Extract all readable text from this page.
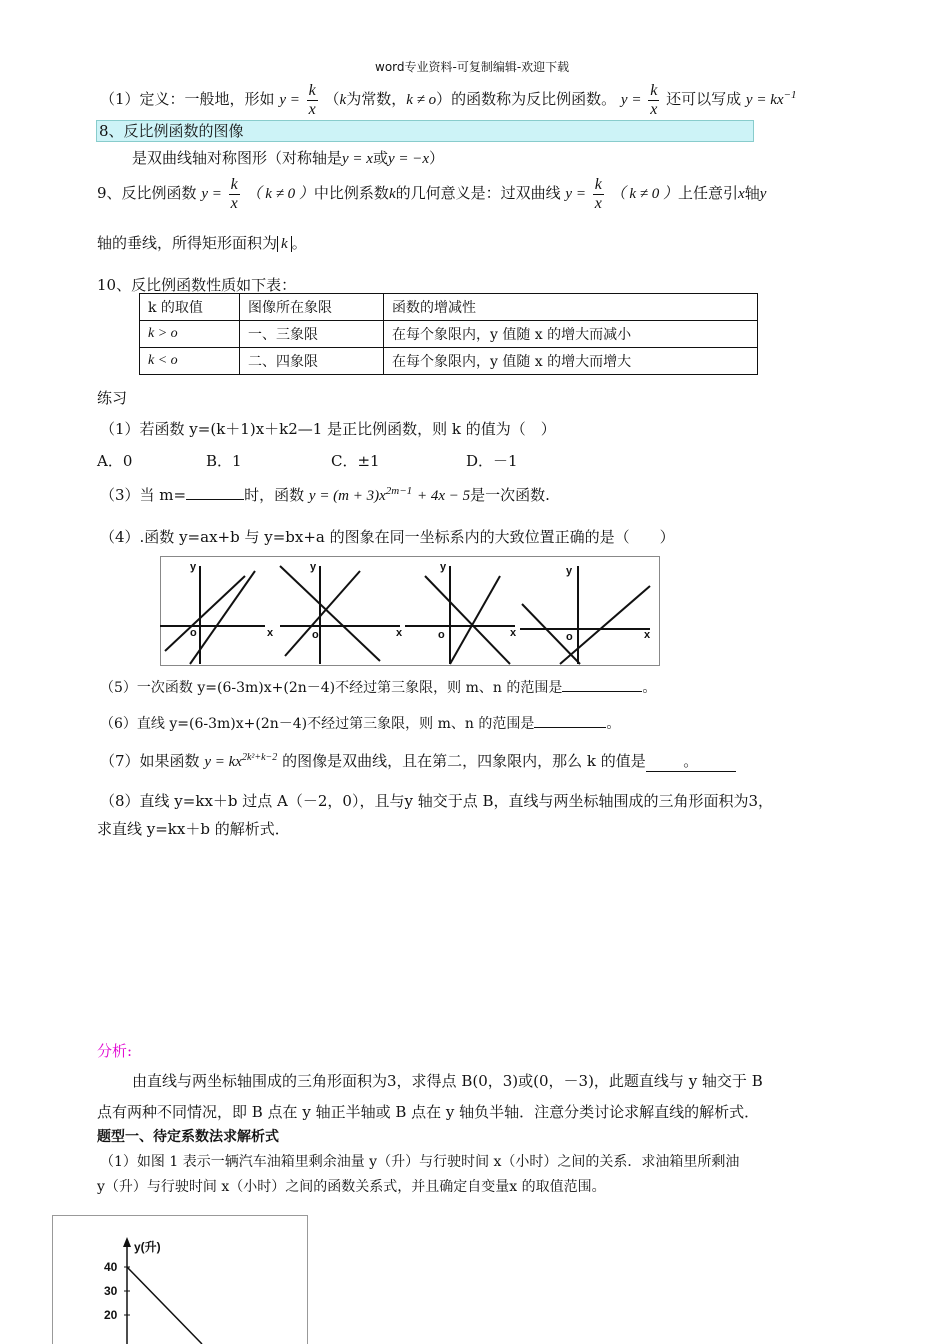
word专业资料-可复制编辑-欢迎下载
（1）定义：一般地，形如 $y = \frac{k}{x} (k$为常数，k ≠ o）的函数称为反比例函数。 $y = \frac{k}{x}$ 还可以写成 $y = kx^{-1}$
8、反比例函数的图像
是双曲线轴对称图形（对称轴是y = x或y = −x）
9、反比例函数 $y = \frac{k}{x}$ （ k ≠ 0 ）中比例系数k的几何意义是：过双曲线 $y = \frac{k}{x}$ （ k ≠ 0 ）上任意引x轴y
轴的垂线，所得矩形面积为 k 。
10、反比例函数性质如下表：
k 的取值	图像所在象限	函数的增减性
k > o	一、三象限	在每个象限内，y 值随 x 的增大而减小
k < o	二、四象限	在每个象限内，y 值随 x 的增大而增大
练习
（1）若函数 y=(k＋1)x＋k2—1 是正比例函数，则 k 的值为（　）
A．0	B．1	C．±1	D．－1
（3）当 m=	时，函数 $y = (m + 3)x^{2m-1} + 4x - 5$是一次函数.
（4）.函数 y=ax+b 与 y=bx+a 的图象在同一坐标系内的大致位置正确的是（　　）
y
x
o
y
x
o
y
x
o
y
x
o
（5）一次函数 y=(6-3m)x+(2n－4)不经过第三象限，则 m、n 的范围是	。
（6）直线 y=(6-3m)x+(2n－4)不经过第三象限，则 m、n 的范围是	。
（7）如果函数 $y = kx^{2k^2+k-2}$ 的图像是双曲线，且在第二，四象限内，那么 k 的值是 。
（8）直线 y=kx＋b 过点 A（－2，0），且与y 轴交于点 B，直线与两坐标轴围成的三角形面积为3，
求直线 y=kx＋b 的解析式．
分析:
由直线与两坐标轴围成的三角形面积为3，求得点 B(0，3)或(0，－3)，此题直线与 y 轴交于 B
点有两种不同情况，即 B 点在 y 轴正半轴或 B 点在 y 轴负半轴．注意分类讨论求解直线的解析式．
题型一、待定系数法求解析式
（1）如图 1 表示一辆汽车油箱里剩余油量 y（升）与行驶时间 x（小时）之间的关系．求油箱里所剩油
y（升）与行驶时间 x（小时）之间的函数关系式，并且确定自变量x 的取值范围。
y(升)
40
30
20
